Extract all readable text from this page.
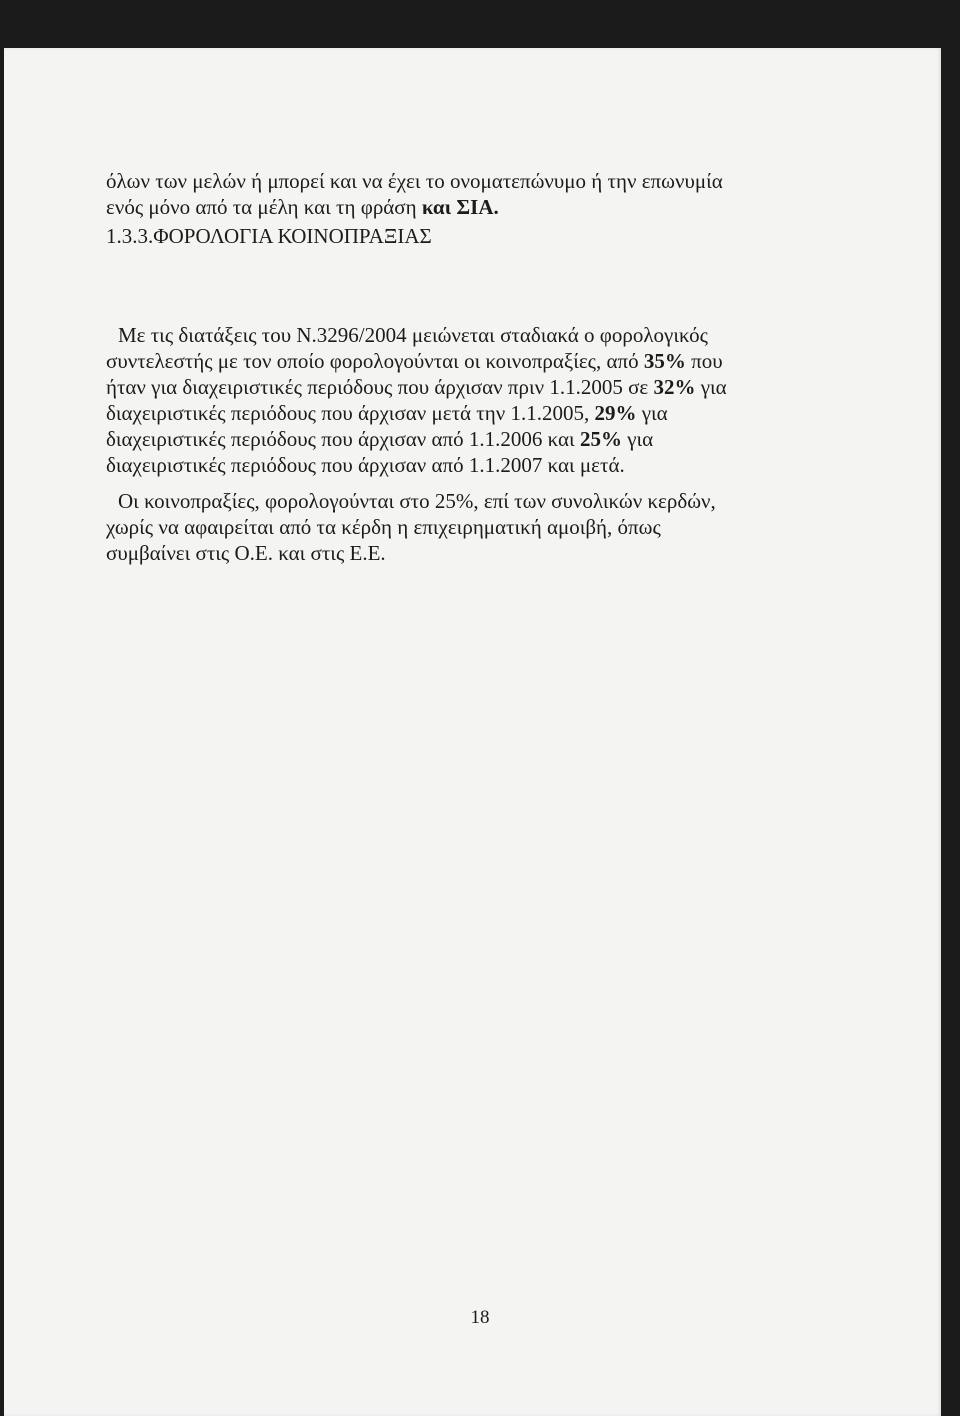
όλων των μελών ή μπορεί και να έχει το ονοματεπώνυμο ή την επωνυμία
ενός μόνο από τα μέλη και τη φράση και ΣΙΑ.
1.3.3.ΦΟΡΟΛΟΓΙΑ ΚΟΙΝΟΠΡΑΞΙΑΣ
Με τις διατάξεις του Ν.3296/2004 μειώνεται σταδιακά ο φορολογικός
συντελεστής με τον οποίο φορολογούνται οι κοινοπραξίες, από 35% που
ήταν για διαχειριστικές περιόδους που άρχισαν πριν 1.1.2005 σε 32% για
διαχειριστικές περιόδους που άρχισαν μετά την 1.1.2005, 29% για
διαχειριστικές περιόδους που άρχισαν από 1.1.2006 και 25% για
διαχειριστικές περιόδους που άρχισαν από 1.1.2007 και μετά.
Οι κοινοπραξίες, φορολογούνται στο 25%, επί των συνολικών κερδών,
χωρίς να αφαιρείται από τα κέρδη η επιχειρηματική αμοιβή, όπως
συμβαίνει στις Ο.Ε. και στις Ε.Ε.
18
